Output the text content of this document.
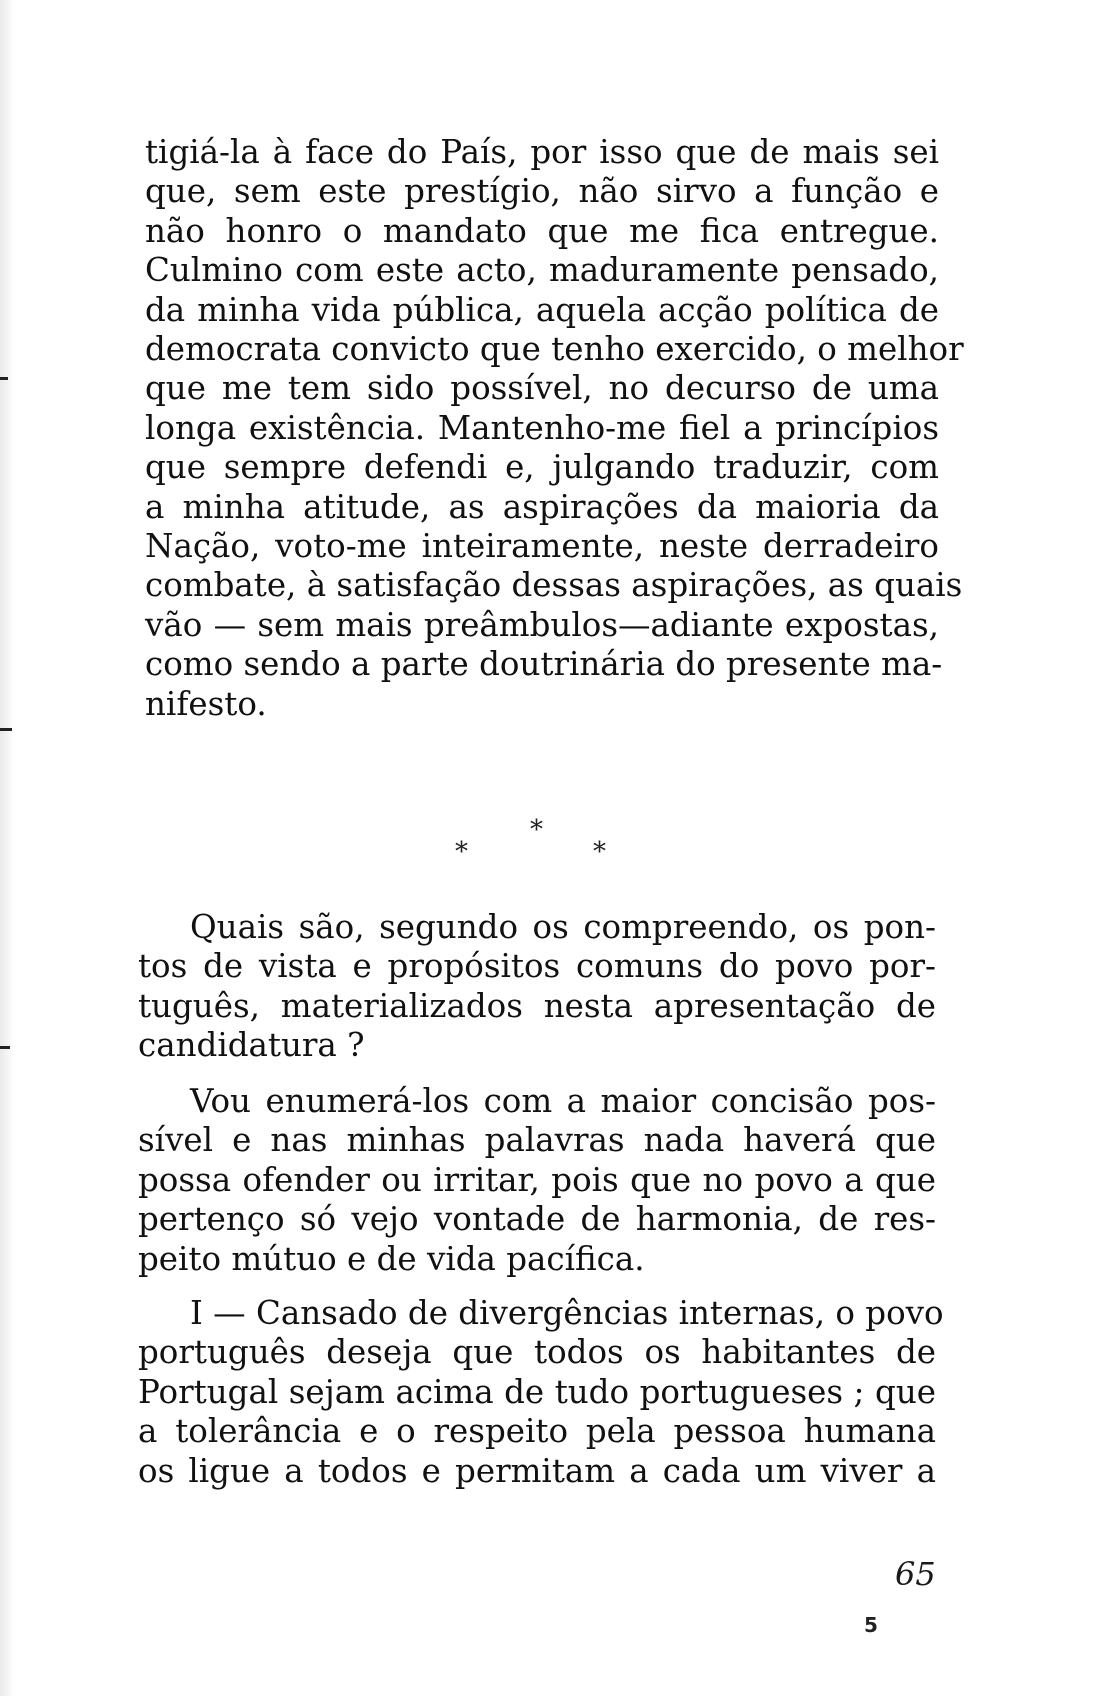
tigiá-la à face do País, por isso que de mais sei
que, sem este prestígio, não sirvo a função e
não honro o mandato que me fica entregue.
Culmino com este acto, maduramente pensado,
da minha vida pública, aquela acção política de
democrata convicto que tenho exercido, o melhor
que me tem sido possível, no decurso de uma
longa existência. Mantenho-me fiel a princípios
que sempre defendi e, julgando traduzir, com
a minha atitude, as aspirações da maioria da
Nação, voto-me inteiramente, neste derradeiro
combate, à satisfação dessas aspirações, as quais
vão — sem mais preâmbulos—adiante expostas,
como sendo a parte doutrinária do presente ma-
nifesto.
*
*	*
Quais são, segundo os compreendo, os pon-
tos de vista e propósitos comuns do povo por-
tuguês, materializados nesta apresentação de
candidatura ?
Vou enumerá-los com a maior concisão pos-
sível e nas minhas palavras nada haverá que
possa ofender ou irritar, pois que no povo a que
pertenço só vejo vontade de harmonia, de res-
peito mútuo e de vida pacífica.
I — Cansado de divergências internas, o povo
português deseja que todos os habitantes de
Portugal sejam acima de tudo portugueses ; que
a tolerância e o respeito pela pessoa humana
os ligue a todos e permitam a cada um viver a
65
5
